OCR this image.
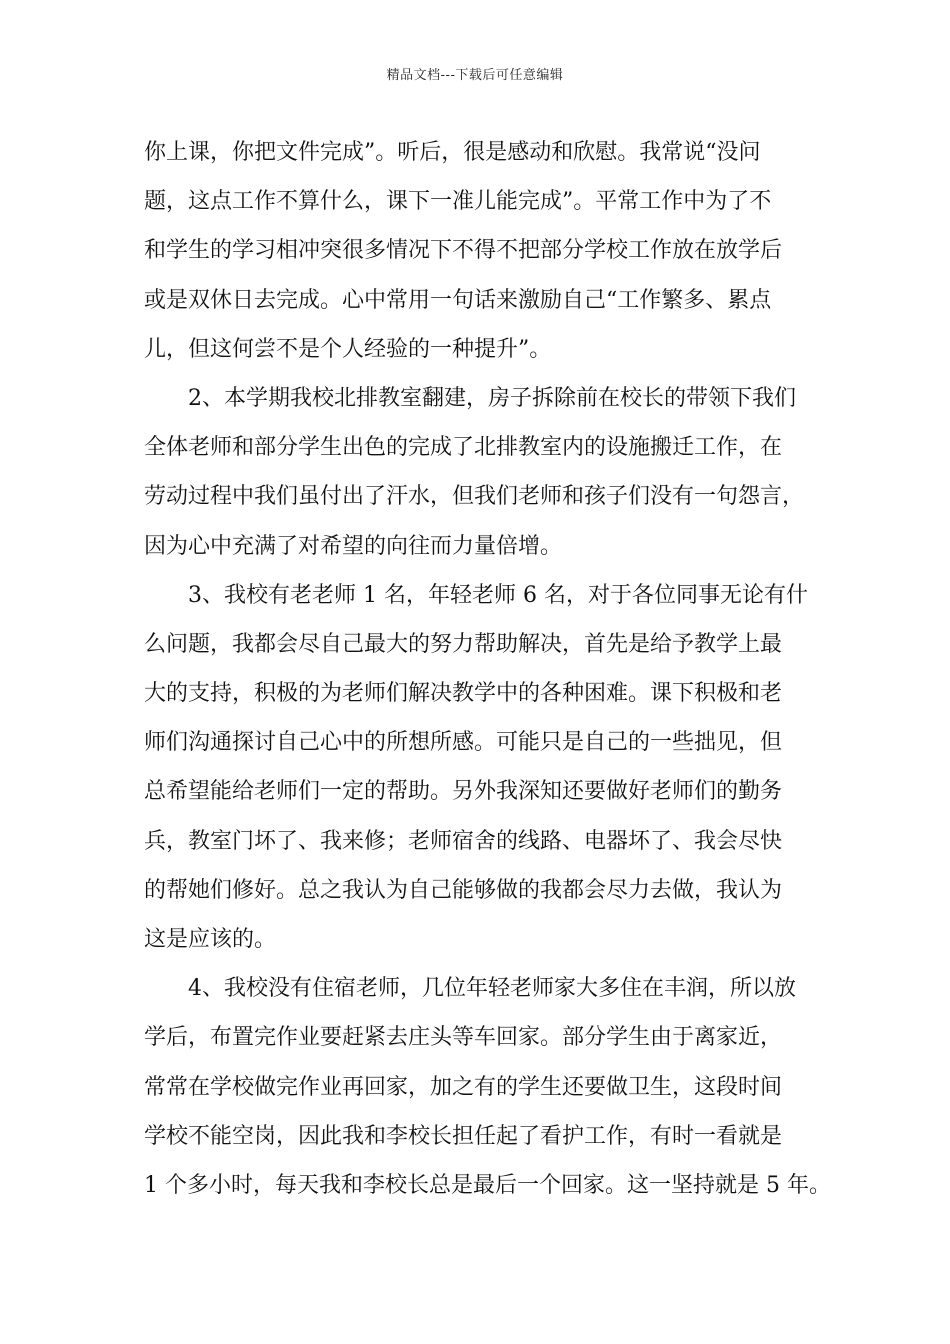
精品文档---下载后可任意编辑
你上课，你把文件完成”。听后，很是感动和欣慰。我常说“没问
题，这点工作不算什么，课下一准儿能完成”。平常工作中为了不
和学生的学习相冲突很多情况下不得不把部分学校工作放在放学后
或是双休日去完成。心中常用一句话来激励自己“工作繁多、累点
儿，但这何尝不是个人经验的一种提升”。
　　2、本学期我校北排教室翻建，房子拆除前在校长的带领下我们
全体老师和部分学生出色的完成了北排教室内的设施搬迁工作，在
劳动过程中我们虽付出了汗水，但我们老师和孩子们没有一句怨言，
因为心中充满了对希望的向往而力量倍增。
　　3、我校有老老师 1 名，年轻老师 6 名，对于各位同事无论有什
么问题，我都会尽自己最大的努力帮助解决，首先是给予教学上最
大的支持，积极的为老师们解决教学中的各种困难。课下积极和老
师们沟通探讨自己心中的所想所感。可能只是自己的一些拙见，但
总希望能给老师们一定的帮助。另外我深知还要做好老师们的勤务
兵，教室门坏了、我来修；老师宿舍的线路、电器坏了、我会尽快
的帮她们修好。总之我认为自己能够做的我都会尽力去做，我认为
这是应该的。
　　4、我校没有住宿老师，几位年轻老师家大多住在丰润，所以放
学后，布置完作业要赶紧去庄头等车回家。部分学生由于离家近，
常常在学校做完作业再回家，加之有的学生还要做卫生，这段时间
学校不能空岗，因此我和李校长担任起了看护工作，有时一看就是
1 个多小时，每天我和李校长总是最后一个回家。这一坚持就是 5 年。
